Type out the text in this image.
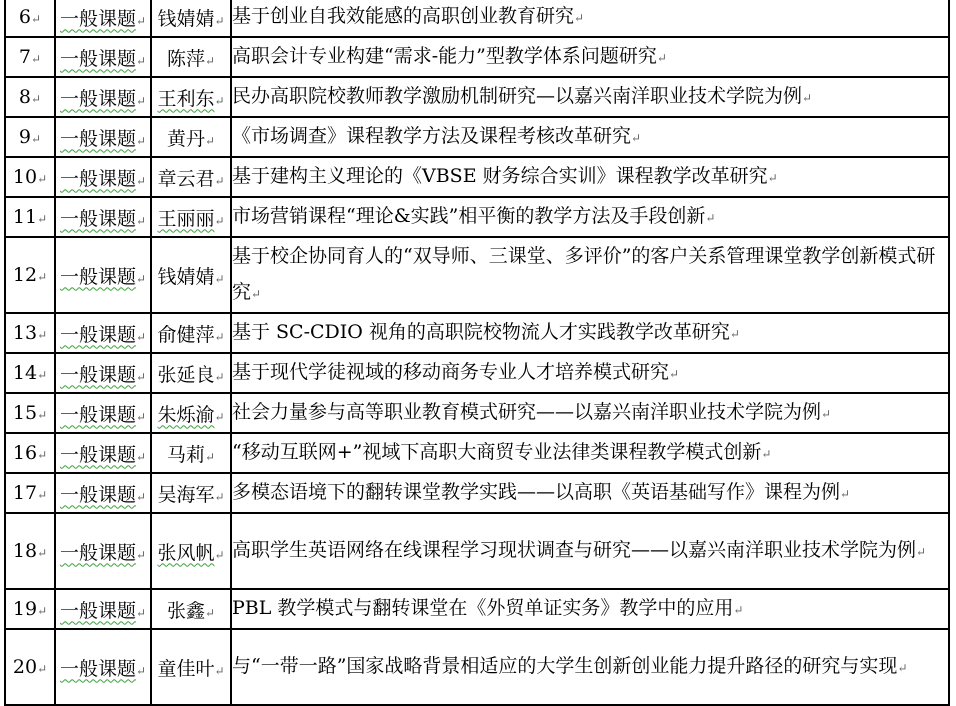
6↵	一般课题↵	钱婧婧↵	基于创业自我效能感的高职创业教育研究↵
7↵	一般课题↵	陈萍↵	高职会计专业构建“需求-能力”型教学体系问题研究↵
8↵	一般课题↵	王利东↵	民办高职院校教师教学激励机制研究—以嘉兴南洋职业技术学院为例↵
9↵	一般课题↵	黄丹↵	《市场调查》课程教学方法及课程考核改革研究↵
10↵	一般课题↵	章云君↵	基于建构主义理论的《VBSE 财务综合实训》课程教学改革研究↵
11↵	一般课题↵	王丽丽↵	市场营销课程“理论&实践”相平衡的教学方法及手段创新↵
12↵	一般课题↵	钱婧婧↵	基于校企协同育人的“双导师、三课堂、多评价”的客户关系管理课堂教学创新模式研究↵
13↵	一般课题↵	俞健萍↵	基于 SC-CDIO 视角的高职院校物流人才实践教学改革研究↵
14↵	一般课题↵	张延良↵	基于现代学徒视域的移动商务专业人才培养模式研究↵
15↵	一般课题↵	朱烁渝↵	社会力量参与高等职业教育模式研究——以嘉兴南洋职业技术学院为例↵
16↵	一般课题↵	马莉↵	“移动互联网+”视域下高职大商贸专业法律类课程教学模式创新↵
17↵	一般课题↵	吴海军↵	多模态语境下的翻转课堂教学实践——以高职《英语基础写作》课程为例↵
18↵	一般课题↵	张风帆↵	高职学生英语网络在线课程学习现状调查与研究——以嘉兴南洋职业技术学院为例↵
19↵	一般课题↵	张鑫↵	PBL 教学模式与翻转课堂在《外贸单证实务》教学中的应用↵
20↵	一般课题↵	童佳叶↵	与“一带一路”国家战略背景相适应的大学生创新创业能力提升路径的研究与实现↵
